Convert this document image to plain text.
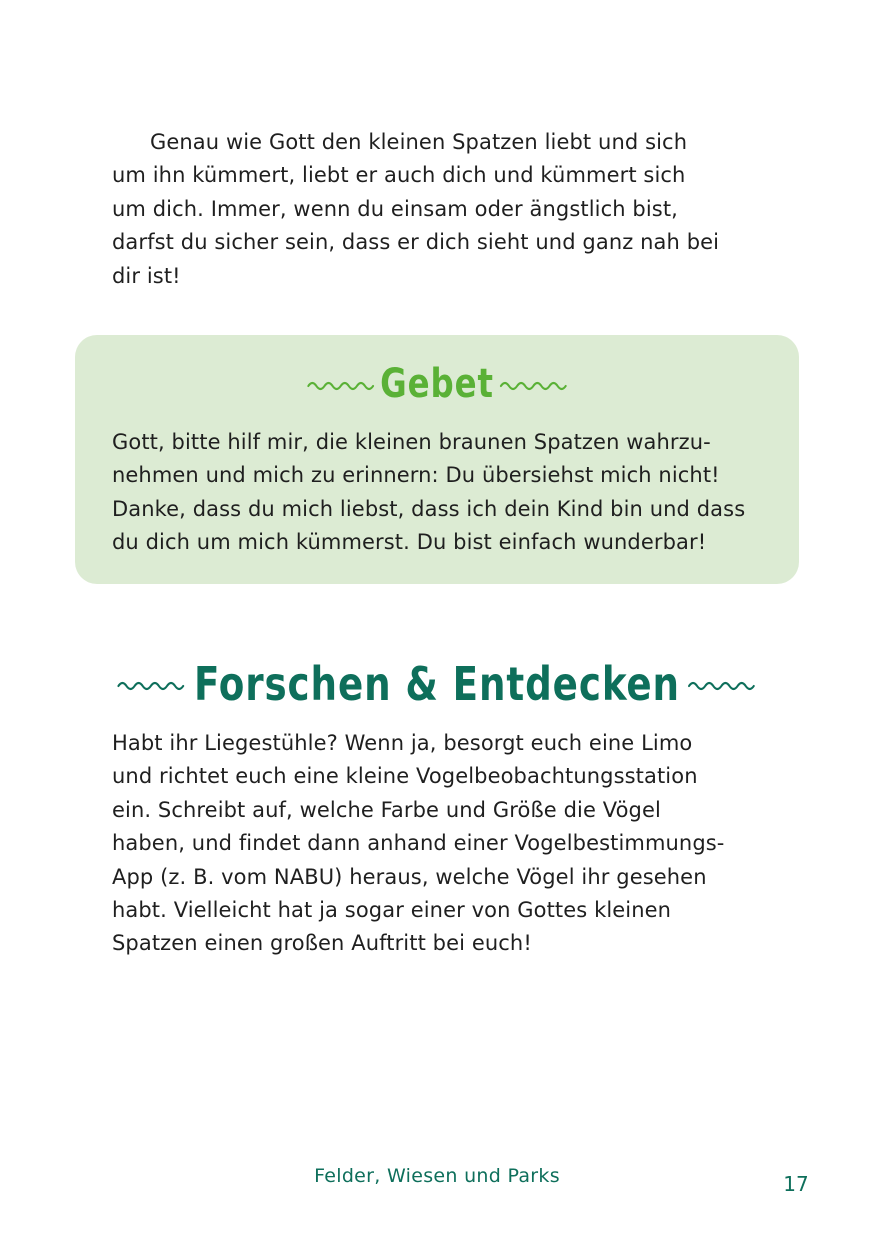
Genau wie Gott den kleinen Spatzen liebt und sich
um ihn kümmert, liebt er auch dich und kümmert sich
um dich. Immer, wenn du einsam oder ängstlich bist,
darfst du sicher sein, dass er dich sieht und ganz nah bei
dir ist!
Gebet
Gott, bitte hilf mir, die kleinen braunen Spatzen wahrzu-
nehmen und mich zu erinnern: Du übersiehst mich nicht!
Danke, dass du mich liebst, dass ich dein Kind bin und dass
du dich um mich kümmerst. Du bist einfach wunderbar!
Forschen & Entdecken
Habt ihr Liegestühle? Wenn ja, besorgt euch eine Limo
und richtet euch eine kleine Vogelbeobachtungsstation
ein. Schreibt auf, welche Farbe und Größe die Vögel
haben, und findet dann anhand einer Vogelbestimmungs-
App (z. B. vom NABU) heraus, welche Vögel ihr gesehen
habt. Vielleicht hat ja sogar einer von Gottes kleinen
Spatzen einen großen Auftritt bei euch!
Felder, Wiesen und Parks	17
